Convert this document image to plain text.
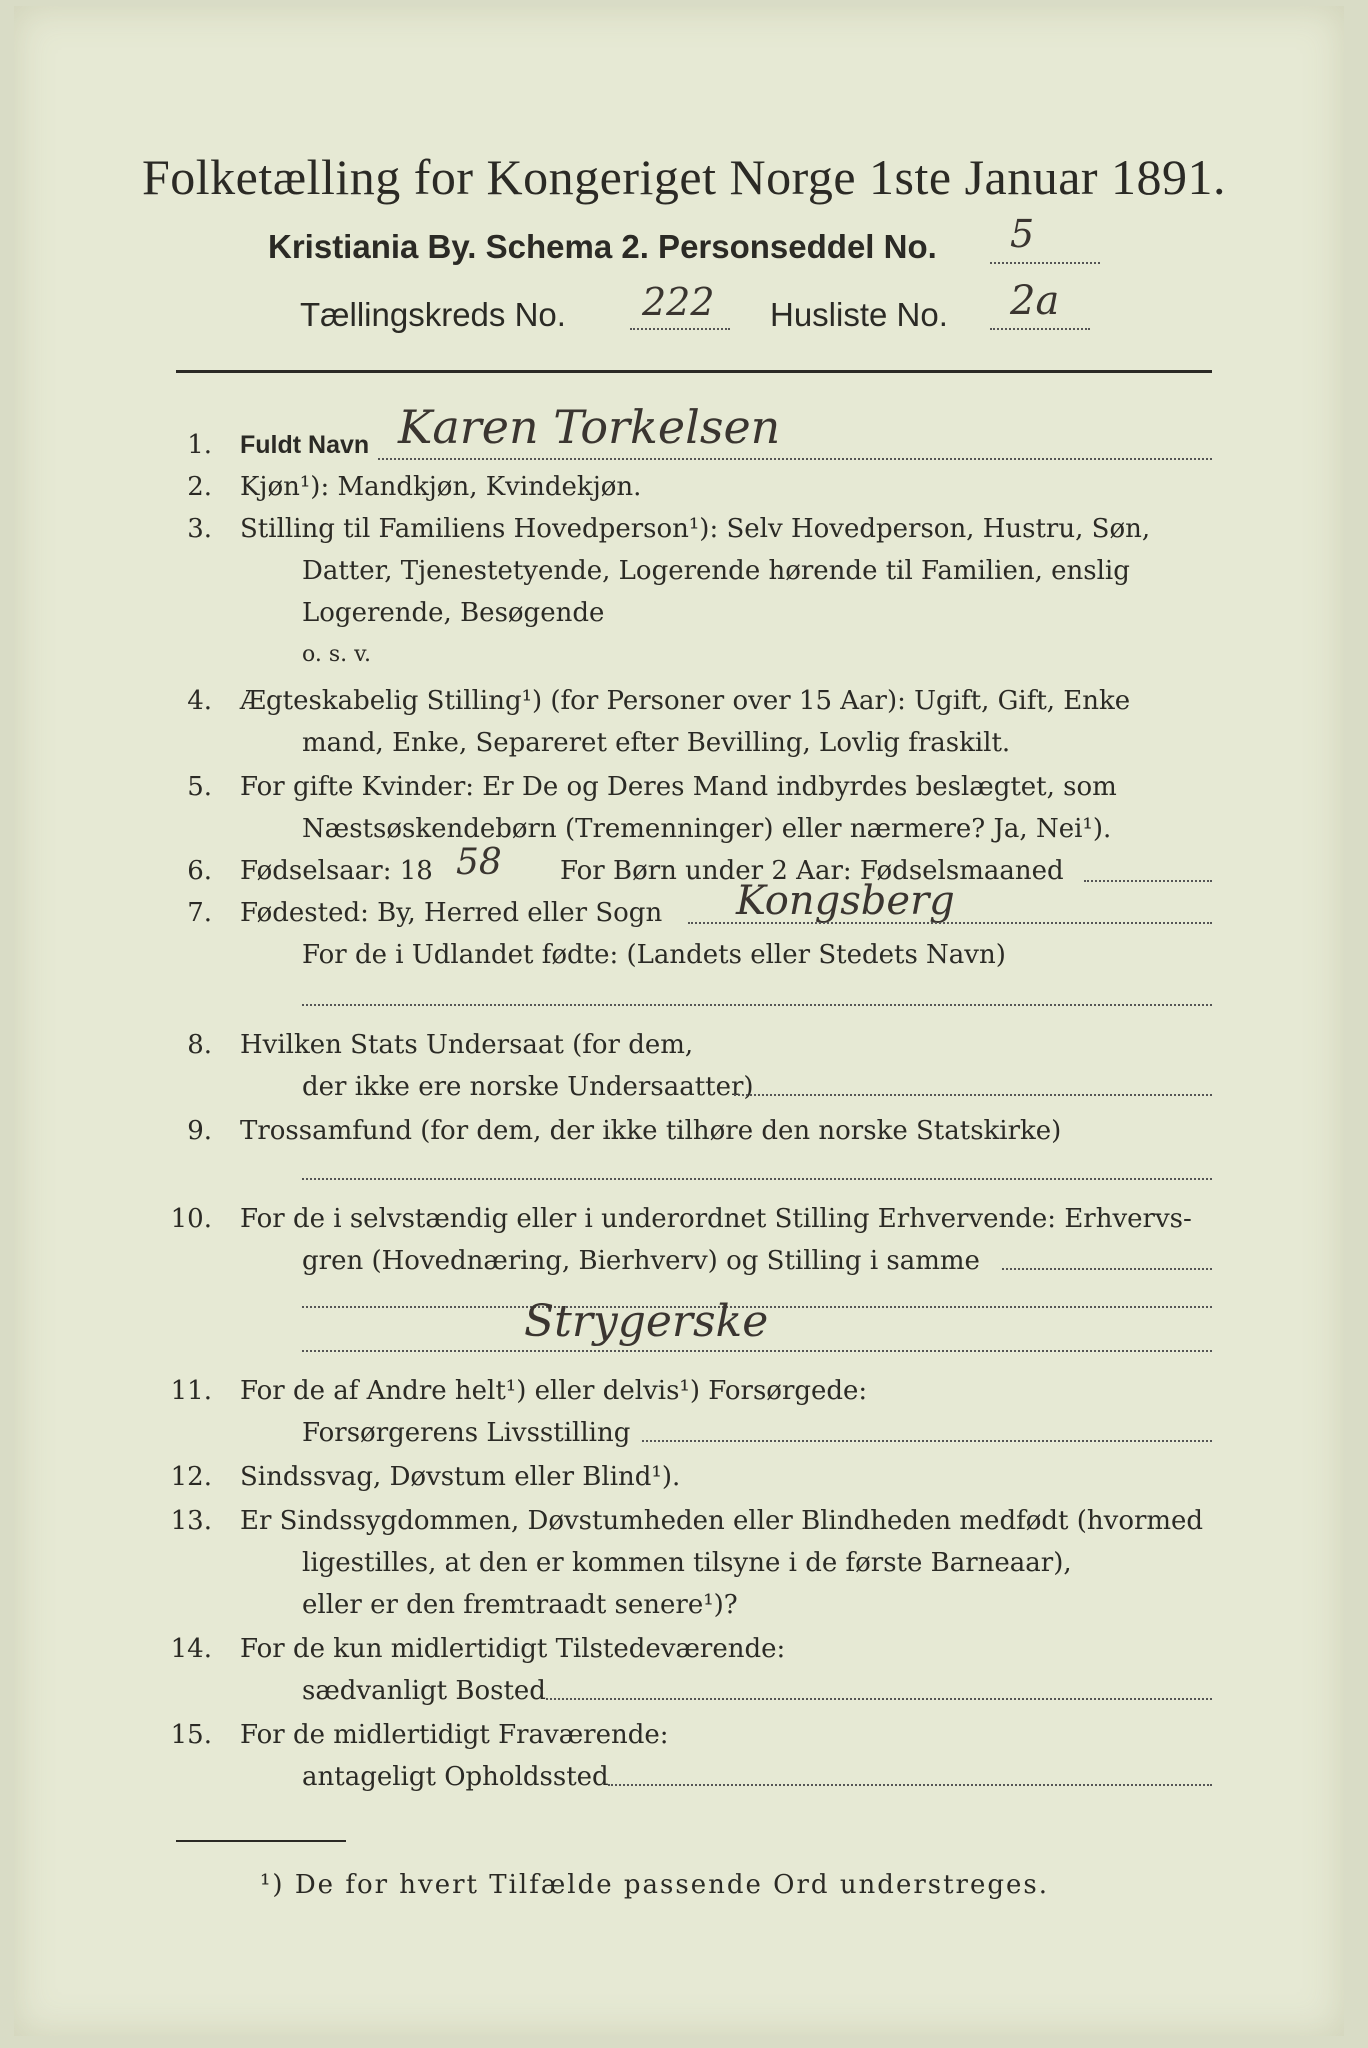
Folketælling for Kongeriget Norge 1ste Januar 1891.
Kristiania By. Schema 2. Personseddel No. 5
Tællingskreds No. 222 Husliste No. 2a
1. Fuldt Navn Karen Torkelsen
2. Kjøn¹): Mandkjøn, Kvindekjøn.
3. Stilling til Familiens Hovedperson¹): Selv Hovedperson, Hustru, Søn,
Datter, Tjenestetyende, Logerende hørende til Familien, enslig
Logerende, Besøgende
o. s. v.
4. Ægteskabelig Stilling¹) (for Personer over 15 Aar): Ugift, Gift, Enke
mand, Enke, Separeret efter Bevilling, Lovlig fraskilt.
5. For gifte Kvinder: Er De og Deres Mand indbyrdes beslægtet, som
Næstsøskendebørn (Tremenninger) eller nærmere? Ja, Nei¹).
6. Fødselsaar: 18 58 For Børn under 2 Aar: Fødselsmaaned
7. Fødested: By, Herred eller Sogn Kongsberg
For de i Udlandet fødte: (Landets eller Stedets Navn)
8. Hvilken Stats Undersaat (for dem,
der ikke ere norske Undersaatter)
9. Trossamfund (for dem, der ikke tilhøre den norske Statskirke)
10. For de i selvstændig eller i underordnet Stilling Erhvervende: Erhvervs-
gren (Hovednæring, Bierhverv) og Stilling i samme
Strygerske
11. For de af Andre helt¹) eller delvis¹) Forsørgede:
Forsørgerens Livsstilling
12. Sindssvag, Døvstum eller Blind¹).
13. Er Sindssygdommen, Døvstumheden eller Blindheden medfødt (hvormed
ligestilles, at den er kommen tilsyne i de første Barneaar),
eller er den fremtraadt senere¹)?
14. For de kun midlertidigt Tilstedeværende:
sædvanligt Bosted
15. For de midlertidigt Fraværende:
antageligt Opholdssted
¹) De for hvert Tilfælde passende Ord understreges.
